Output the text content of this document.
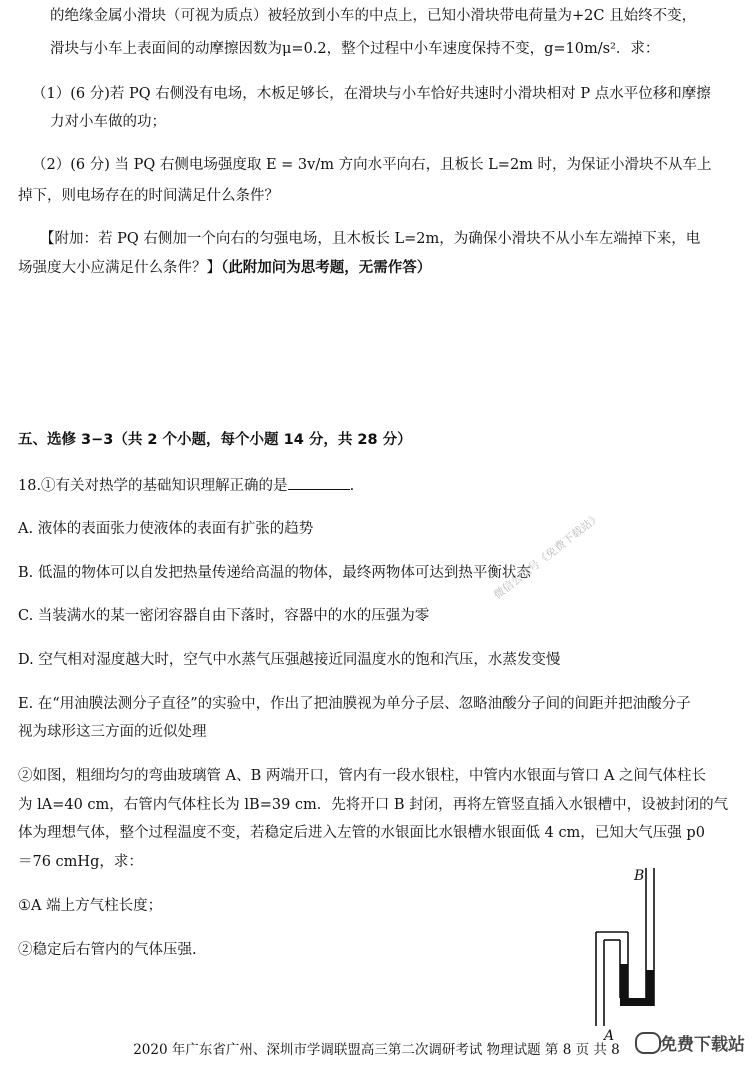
的绝缘金属小滑块（可视为质点）被轻放到小车的中点上，已知小滑块带电荷量为+2C 且始终不变，
滑块与小车上表面间的动摩擦因数为μ=0.2，整个过程中小车速度保持不变，g=10m/s²．求：
（1）(6 分)若 PQ 右侧没有电场，木板足够长，在滑块与小车恰好共速时小滑块相对 P 点水平位移和摩擦
力对小车做的功；
（2）(6 分) 当 PQ 右侧电场强度取 E = 3v/m 方向水平向右，且板长 L=2m 时，为保证小滑块不从车上
掉下，则电场存在的时间满足什么条件？
【附加：若 PQ 右侧加一个向右的匀强电场，且木板长 L=2m，为确保小滑块不从小车左端掉下来，电
场强度大小应满足什么条件？】（此附加问为思考题，无需作答）
五、选修 3−3（共 2 个小题，每个小题 14 分，共 28 分）
18.①有关对热学的基础知识理解正确的是	.
A. 液体的表面张力使液体的表面有扩张的趋势
B. 低温的物体可以自发把热量传递给高温的物体，最终两物体可达到热平衡状态
C. 当装满水的某一密闭容器自由下落时，容器中的水的压强为零
D. 空气相对湿度越大时，空气中水蒸气压强越接近同温度水的饱和汽压，水蒸发变慢
E. 在“用油膜法测分子直径”的实验中，作出了把油膜视为单分子层、忽略油酸分子间的间距并把油酸分子
视为球形这三方面的近似处理
②如图，粗细均匀的弯曲玻璃管 A、B 两端开口，管内有一段水银柱，中管内水银面与管口 A 之间气体柱长
为 lA=40 cm，右管内气体柱长为 lB=39 cm．先将开口 B 封闭，再将左管竖直插入水银槽中，设被封闭的气
体为理想气体，整个过程温度不变，若稳定后进入左管的水银面比水银槽水银面低 4 cm，已知大气压强 p0
＝76 cmHg，求：
①A 端上方气柱长度；
②稳定后右管内的气体压强.
B
A
微信公众号《免费下载站》
2020 年广东省广州、深圳市学调联盟高三第二次调研考试 物理试题 第 8 页 共 8	免费下载站
